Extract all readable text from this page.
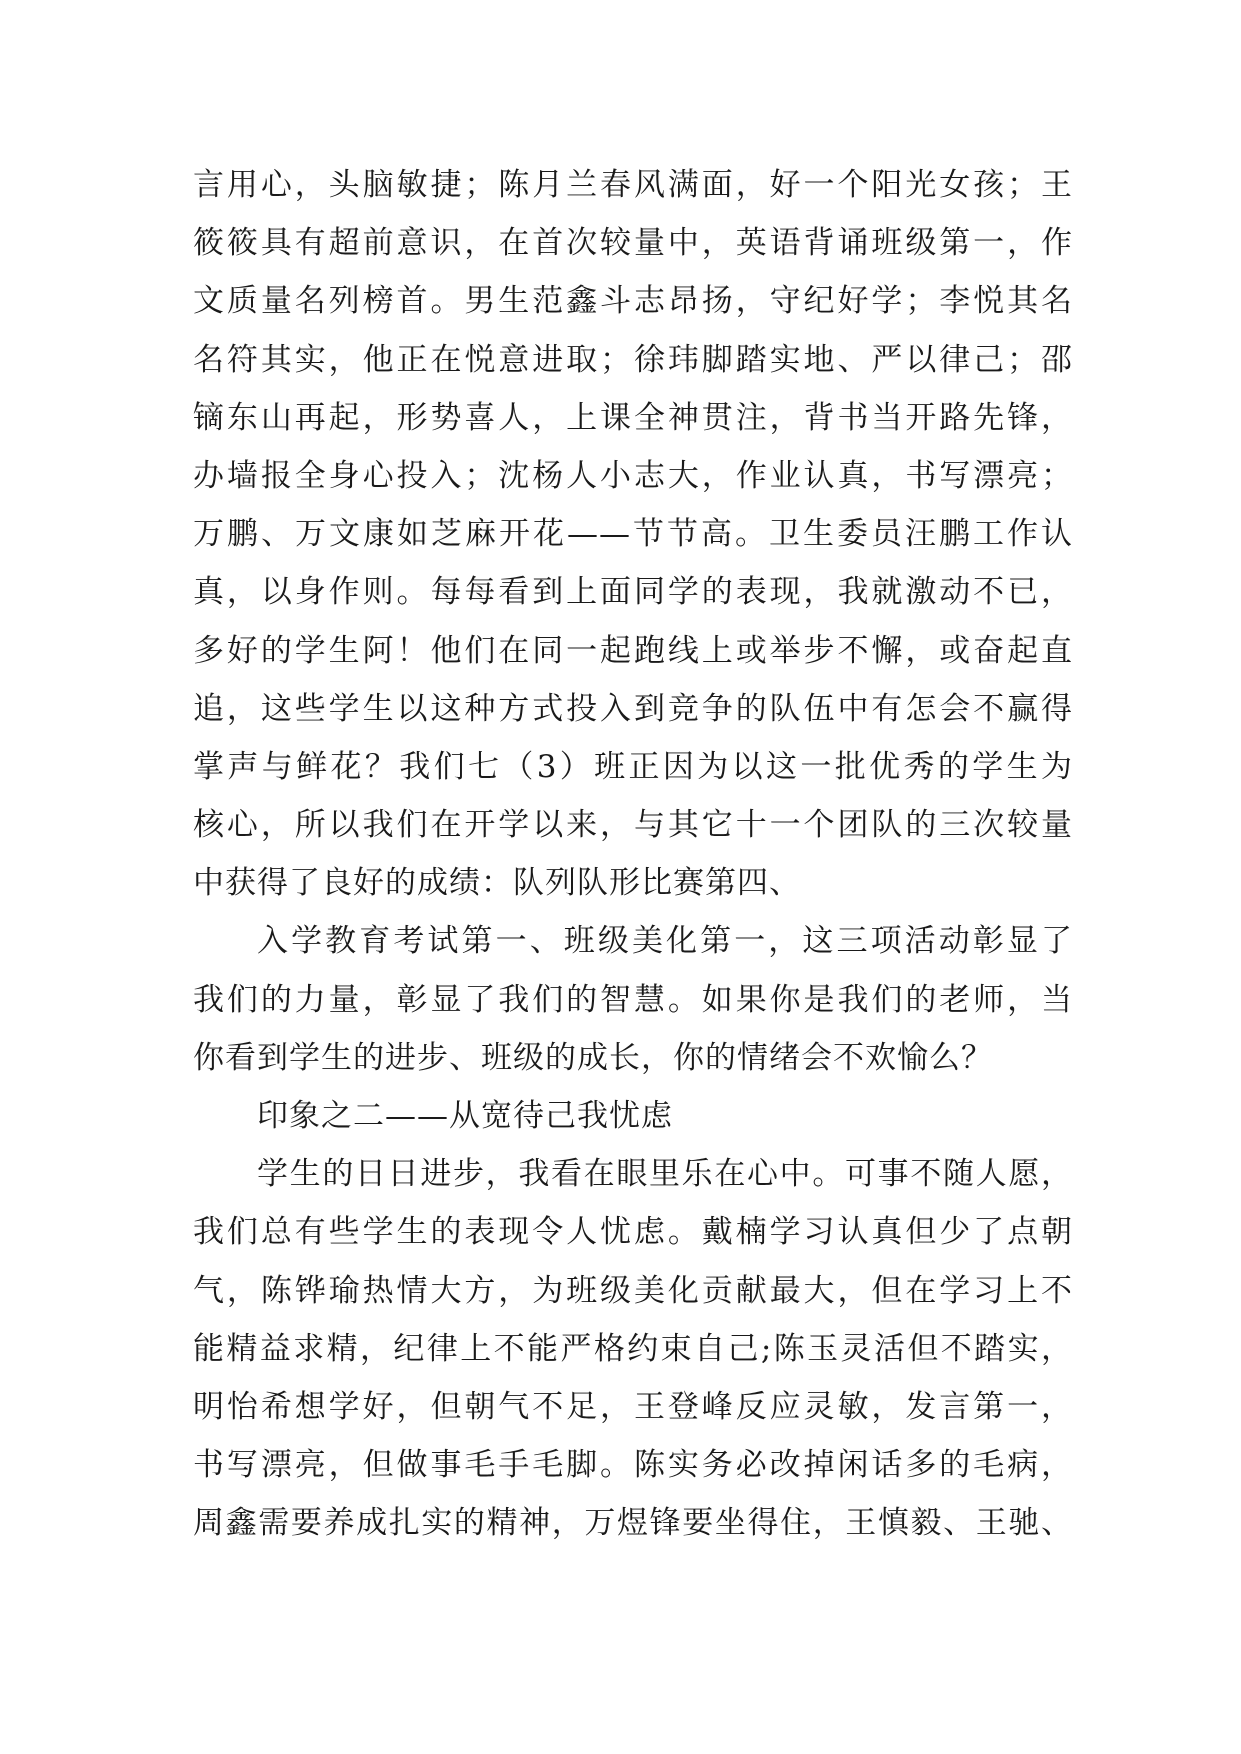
言用心，头脑敏捷；陈月兰春风满面，好一个阳光女孩；王
筱筱具有超前意识，在首次较量中，英语背诵班级第一，作
文质量名列榜首。男生范鑫斗志昂扬，守纪好学；李悦其名
名符其实，他正在悦意进取；徐玮脚踏实地、严以律己；邵
镝东山再起，形势喜人，上课全神贯注，背书当开路先锋，
办墙报全身心投入；沈杨人小志大，作业认真，书写漂亮；
万鹏、万文康如芝麻开花——节节高。卫生委员汪鹏工作认
真，以身作则。每每看到上面同学的表现，我就激动不已，
多好的学生阿！他们在同一起跑线上或举步不懈，或奋起直
追，这些学生以这种方式投入到竞争的队伍中有怎会不赢得
掌声与鲜花？我们七（3）班正因为以这一批优秀的学生为
核心，所以我们在开学以来，与其它十一个团队的三次较量
中获得了良好的成绩：队列队形比赛第四、
入学教育考试第一、班级美化第一，这三项活动彰显了
我们的力量，彰显了我们的智慧。如果你是我们的老师，当
你看到学生的进步、班级的成长，你的情绪会不欢愉么？
印象之二——从宽待己我忧虑
学生的日日进步，我看在眼里乐在心中。可事不随人愿，
我们总有些学生的表现令人忧虑。戴楠学习认真但少了点朝
气，陈铧瑜热情大方，为班级美化贡献最大，但在学习上不
能精益求精，纪律上不能严格约束自己;陈玉灵活但不踏实，
明怡希想学好，但朝气不足，王登峰反应灵敏，发言第一，
书写漂亮，但做事毛手毛脚。陈实务必改掉闲话多的毛病，
周鑫需要养成扎实的精神，万煜锋要坐得住，王慎毅、王驰、
